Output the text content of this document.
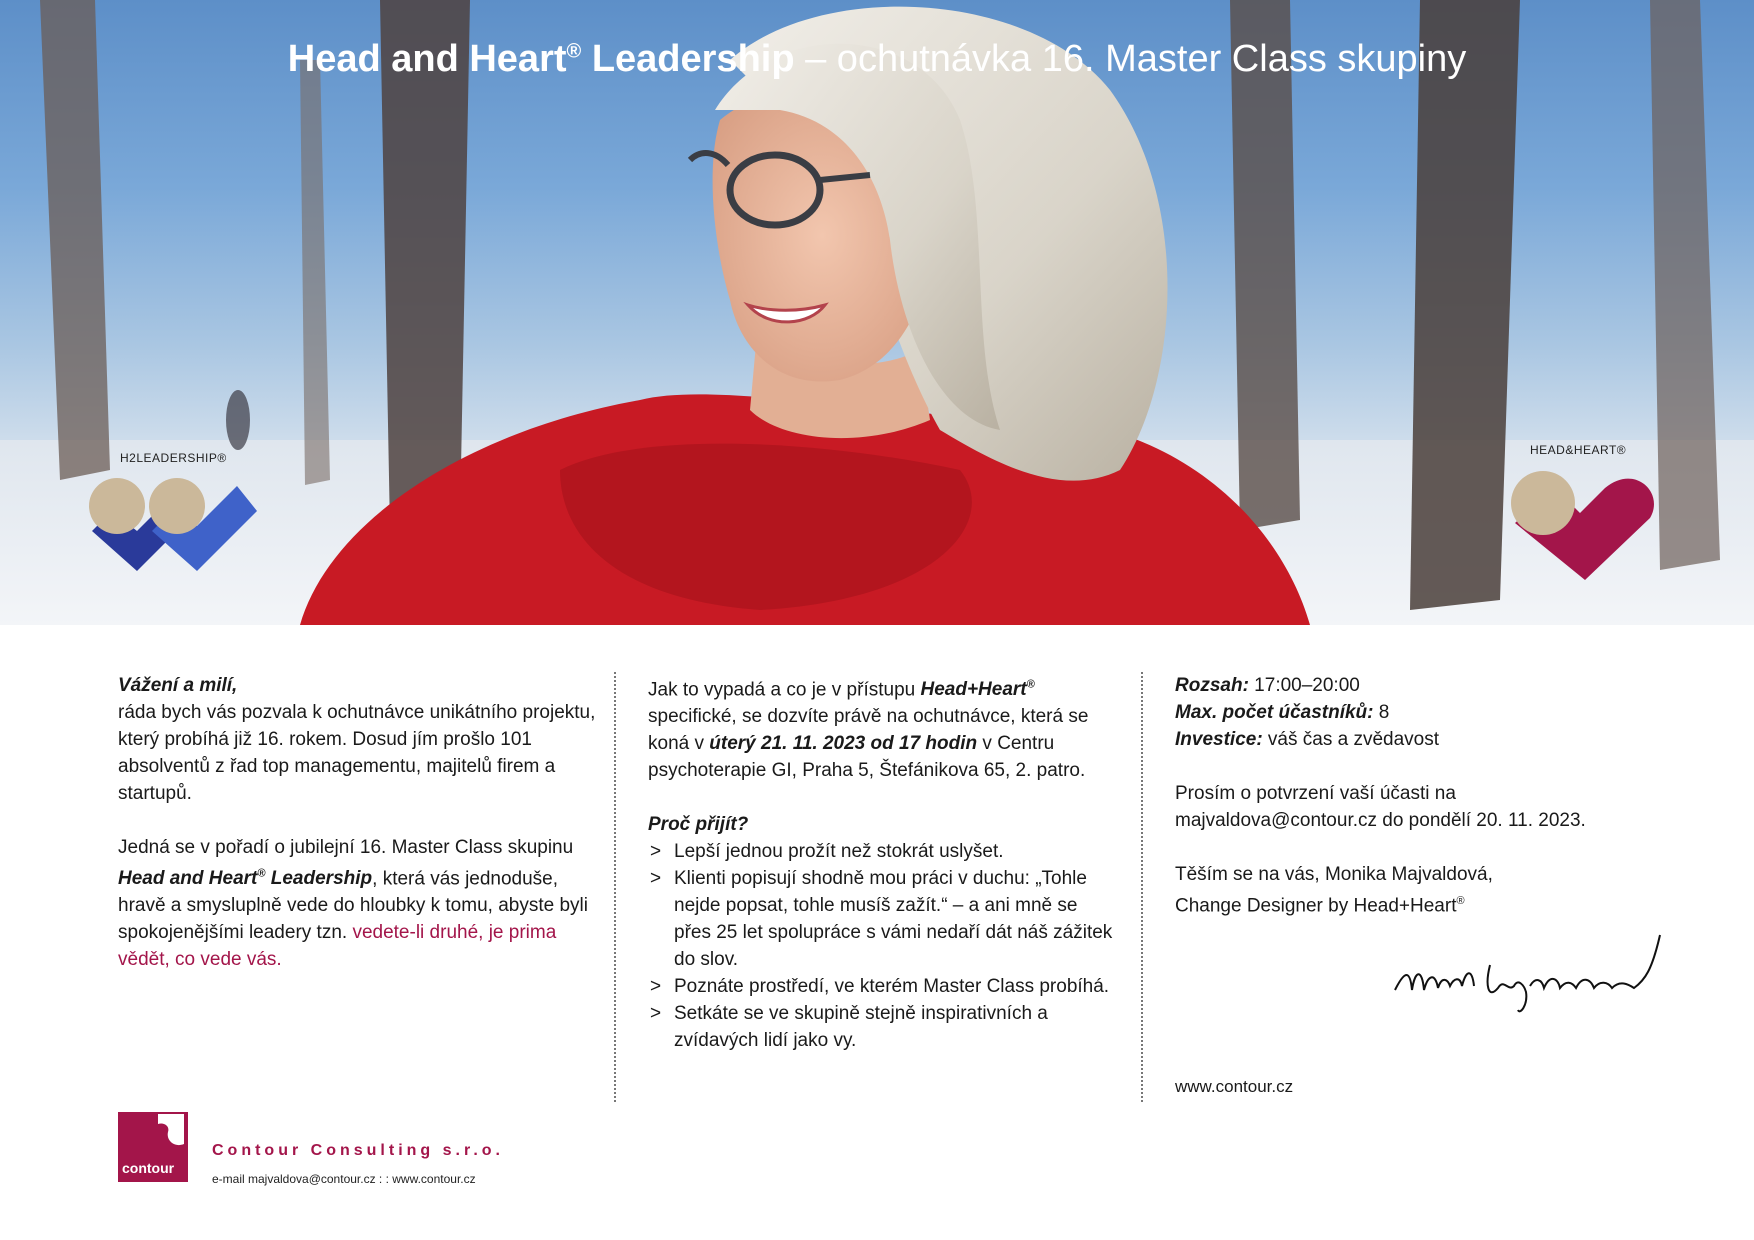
Head and Heart® Leadership – ochutnávka 16. Master Class skupiny
H2LEADERSHIP®
HEAD&HEART®

Vážení a milí,

ráda bych vás pozvala k ochutnávce unikátního projektu, který probíhá již 16. rokem. Dosud jím prošlo 101 absolventů z řad top managementu, majitelů firem a startupů.

Jedná se v pořadí o jubilejní 16. Master Class skupinu Head and Heart® Leadership, která vás jednoduše, hravě a smysluplně vede do hloubky k tomu, abyste byli spokojenějšími leadery tzn. vedete-li druhé, je prima vědět, co vede vás.

Jak to vypadá a co je v přístupu Head+Heart® specifické, se dozvíte právě na ochutnávce, která se koná v úterý 21. 11. 2023 od 17 hodin v Centru psychoterapie GI, Praha 5, Štefánikova 65, 2. patro.

Proč přijít?

> Lepší jednou prožít než stokrát uslyšet.
> Klienti popisují shodně mou práci v duchu: „Tohle nejde popsat, tohle musíš zažít.“ – a ani mně se přes 25 let spolupráce s vámi nedaří dát náš zážitek do slov.
> Poznáte prostředí, ve kterém Master Class probíhá.
> Setkáte se ve skupině stejně inspirativních a zvídavých lidí jako vy.

Rozsah: 17:00–20:00

Max. počet účastníků: 8

Investice: váš čas a zvědavost

Prosím o potvrzení vaší účasti na majvaldova@contour.cz do pondělí 20. 11. 2023.

Těším se na vás, Monika Majvaldová,

Change Designer by Head+Heart®

www.contour.cz
contour
Contour Consulting s.r.o.
e-mail majvaldova@contour.cz : : www.contour.cz
